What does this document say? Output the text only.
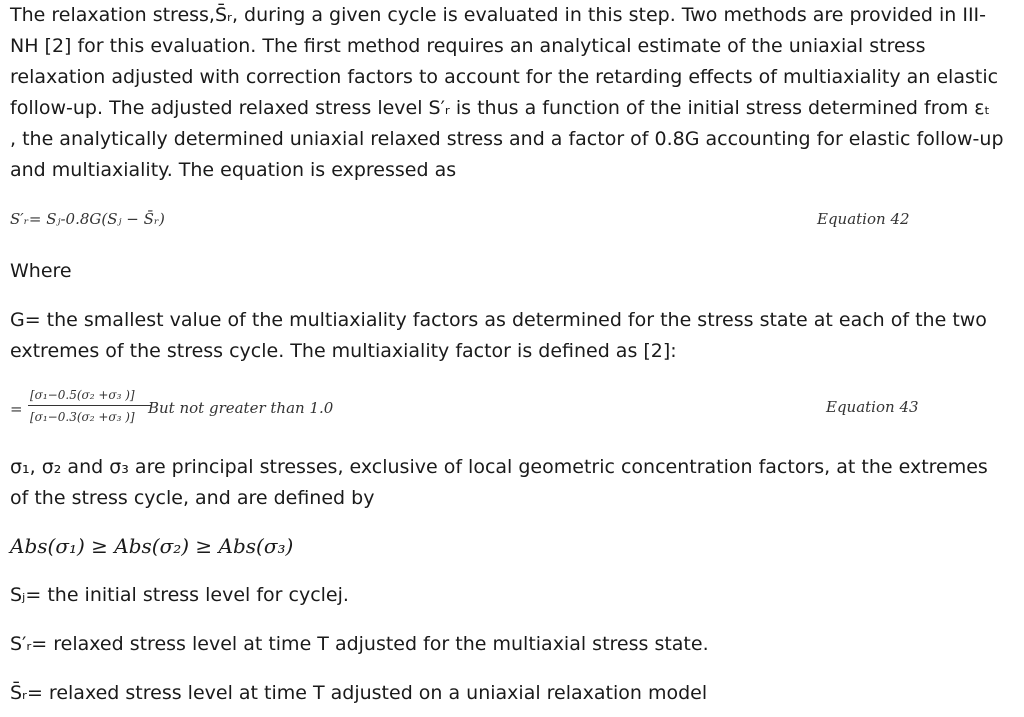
The relaxation stress,S̄ᵣ, during a given cycle is evaluated in this step. Two methods are provided in III-
NH [2] for this evaluation. The first method requires an analytical estimate of the uniaxial stress
relaxation adjusted with correction factors to account for the retarding effects of multiaxiality an elastic
follow-up. The adjusted relaxed stress level S′ᵣ is thus a function of the initial stress determined from εₜ
, the analytically determined uniaxial relaxed stress and a factor of 0.8G accounting for elastic follow-up
and multiaxiality. The equation is expressed as
S′ᵣ= Sⱼ-0.8G(Sⱼ − S̄ᵣ)	Equation 42
Where
G= the smallest value of the multiaxiality factors as determined for the stress state at each of the two
extremes of the stress cycle. The multiaxiality factor is defined as [2]:
=
[σ₁−0.5(σ₂ +σ₃ )]
[σ₁−0.3(σ₂ +σ₃ )] But not greater than 1.0	Equation 43
σ₁, σ₂ and σ₃ are principal stresses, exclusive of local geometric concentration factors, at the extremes
of the stress cycle, and are defined by
Abs(σ₁) ≥ Abs(σ₂) ≥ Abs(σ₃)
Sⱼ= the initial stress level for cyclej.
S′ᵣ= relaxed stress level at time T adjusted for the multiaxial stress state.
S̄ᵣ= relaxed stress level at time T adjusted on a uniaxial relaxation model
